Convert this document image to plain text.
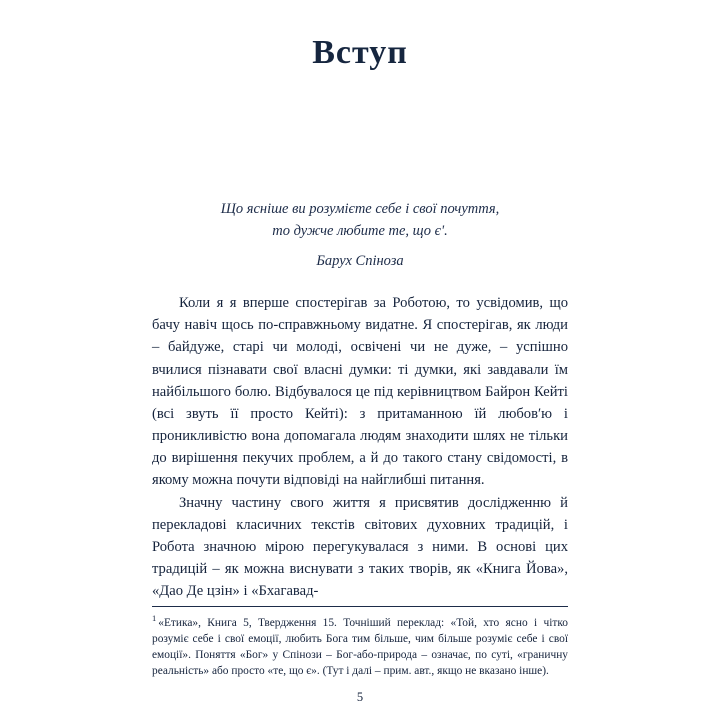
Вступ
Що ясніше ви розумієте себе і свої почуття,
то дужче любите те, що єʹ.
Барух Спіноза

Коли я я вперше спостерігав за Роботою, то усвідомив, що бачу навіч щось по-справжньому видатне. Я спостерігав, як люди – байдуже, старі чи молоді, освічені чи не дуже, – успішно вчилися пізнавати свої власні думки: ті думки, які завдавали їм найбільшого болю. Відбувалося це під керівництвом Байрон Кейті (всі звуть її просто Кейті): з притаманною їй любовʹю і проникливістю вона допомагала людям знаходити шлях не тільки до вирішення пекучих проблем, а й до такого стану свідомості, в якому можна почути відповіді на найглибші питання.

Значну частину свого життя я присвятив дослідженню й перекладові класичних текстів світових духовних традицій, і Робота значною мірою перегукувалася з ними. В основі цих традицій – як можна виснувати з таких творів, як «Книга Йова», «Дао Де цзін» і «Бхагавад-

$^1$ «Етика», Книга 5, Твердження 15. Точніший переклад: «Той, хто ясно і чітко розуміє себе і свої емоції, любить Бога тим більше, чим більше розуміє себе і свої емоції». Поняття «Бог» у Спінози – Бог-або-природа – означає, по суті, «граничну реальність» або просто «те, що є». (Тут і далі – прим. авт., якщо не вказано інше).

5
